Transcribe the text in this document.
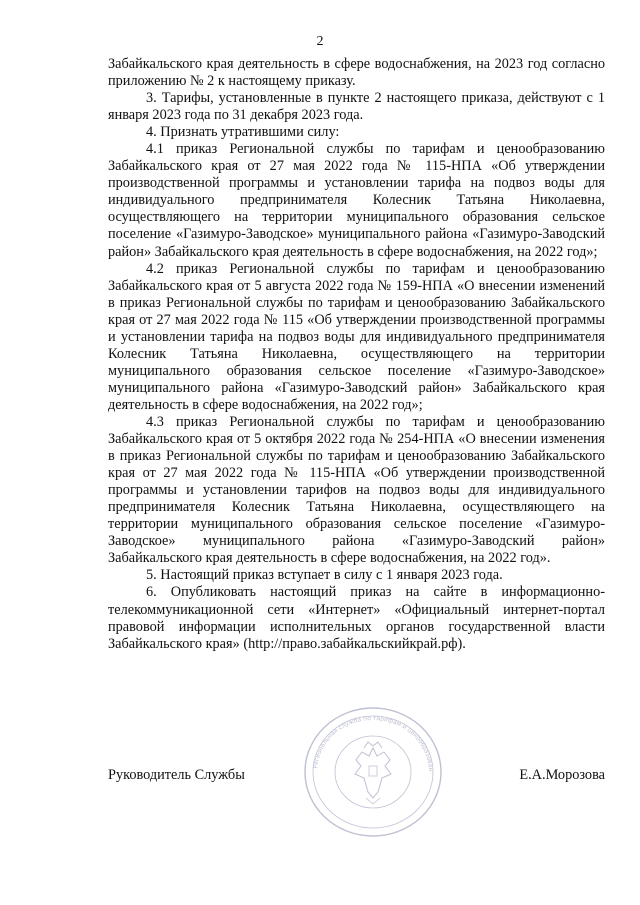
2

Забайкальского края деятельность в сфере водоснабжения, на 2023 год согласно приложению № 2 к настоящему приказу.

3. Тарифы, установленные в пункте 2 настоящего приказа, действуют с 1 января 2023 года по 31 декабря 2023 года.

4. Признать утратившими силу:

4.1 приказ Региональной службы по тарифам и ценообразованию Забайкальского края от 27 мая 2022 года № 115-НПА «Об утверждении производственной программы и установлении тарифа на подвоз воды для индивидуального предпринимателя Колесник Татьяна Николаевна, осуществляющего на территории муниципального образования сельское поселение «Газимуро-Заводское» муниципального района «Газимуро-Заводский район» Забайкальского края деятельность в сфере водоснабжения, на 2022 год»;

4.2 приказ Региональной службы по тарифам и ценообразованию Забайкальского края от 5 августа 2022 года № 159-НПА «О внесении изменений в приказ Региональной службы по тарифам и ценообразованию Забайкальского края от 27 мая 2022 года № 115 «Об утверждении производственной программы и установлении тарифа на подвоз воды для индивидуального предпринимателя Колесник Татьяна Николаевна, осуществляющего на территории муниципального образования сельское поселение «Газимуро-Заводское» муниципального района «Газимуро-Заводский район» Забайкальского края деятельность в сфере водоснабжения, на 2022 год»;

4.3 приказ Региональной службы по тарифам и ценообразованию Забайкальского края от 5 октября 2022 года № 254-НПА «О внесении изменения в приказ Региональной службы по тарифам и ценообразованию Забайкальского края от 27 мая 2022 года № 115-НПА «Об утверждении производственной программы и установлении тарифов на подвоз воды для индивидуального предпринимателя Колесник Татьяна Николаевна, осуществляющего на территории муниципального образования сельское поселение «Газимуро-Заводское» муниципального района «Газимуро-Заводский район» Забайкальского края деятельность в сфере водоснабжения, на 2022 год».

5. Настоящий приказ вступает в силу с 1 января 2023 года.

6. Опубликовать настоящий приказ на сайте в информационно-телекоммуникационной сети «Интернет» «Официальный интернет-портал правовой информации исполнительных органов государственной власти Забайкальского края» (http://право.забайкальскийкрай.рф).

Региональная служба по тарифам и ценообразован
Руководитель Службы	Е.А.Морозова
